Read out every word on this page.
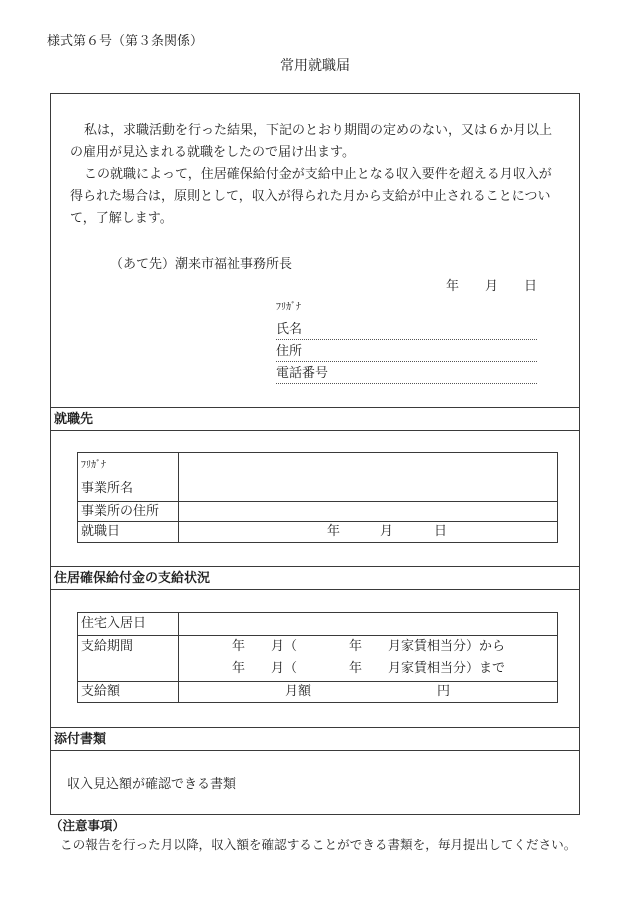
様式第６号（第３条関係）
常用就職届
私は，求職活動を行った結果，下記のとおり期間の定めのない，又は６か月以上
の雇用が見込まれる就職をしたので届け出ます。
この就職によって，住居確保給付金が支給中止となる収入要件を超える月収入が
得られた場合は，原則として，収入が得られた月から支給が中止されることについ
て，了解します。
（あて先）潮来市福祉事務所長
年 月 日
ﾌﾘｶﾞﾅ
氏名
住所
電話番号
就職先
ﾌﾘｶﾞﾅ
事業所名
事業所の住所
就職日	年	月	日
住居確保給付金の支給状況
住宅入居日
支給期間	年　　月（　　　　年　　月家賃相当分）から
年　　月（　　　　年　　月家賃相当分）まで
支給額	月額	円
添付書類
収入見込額が確認できる書類
（注意事項）
この報告を行った月以降，収入額を確認することができる書類を，毎月提出してください。
